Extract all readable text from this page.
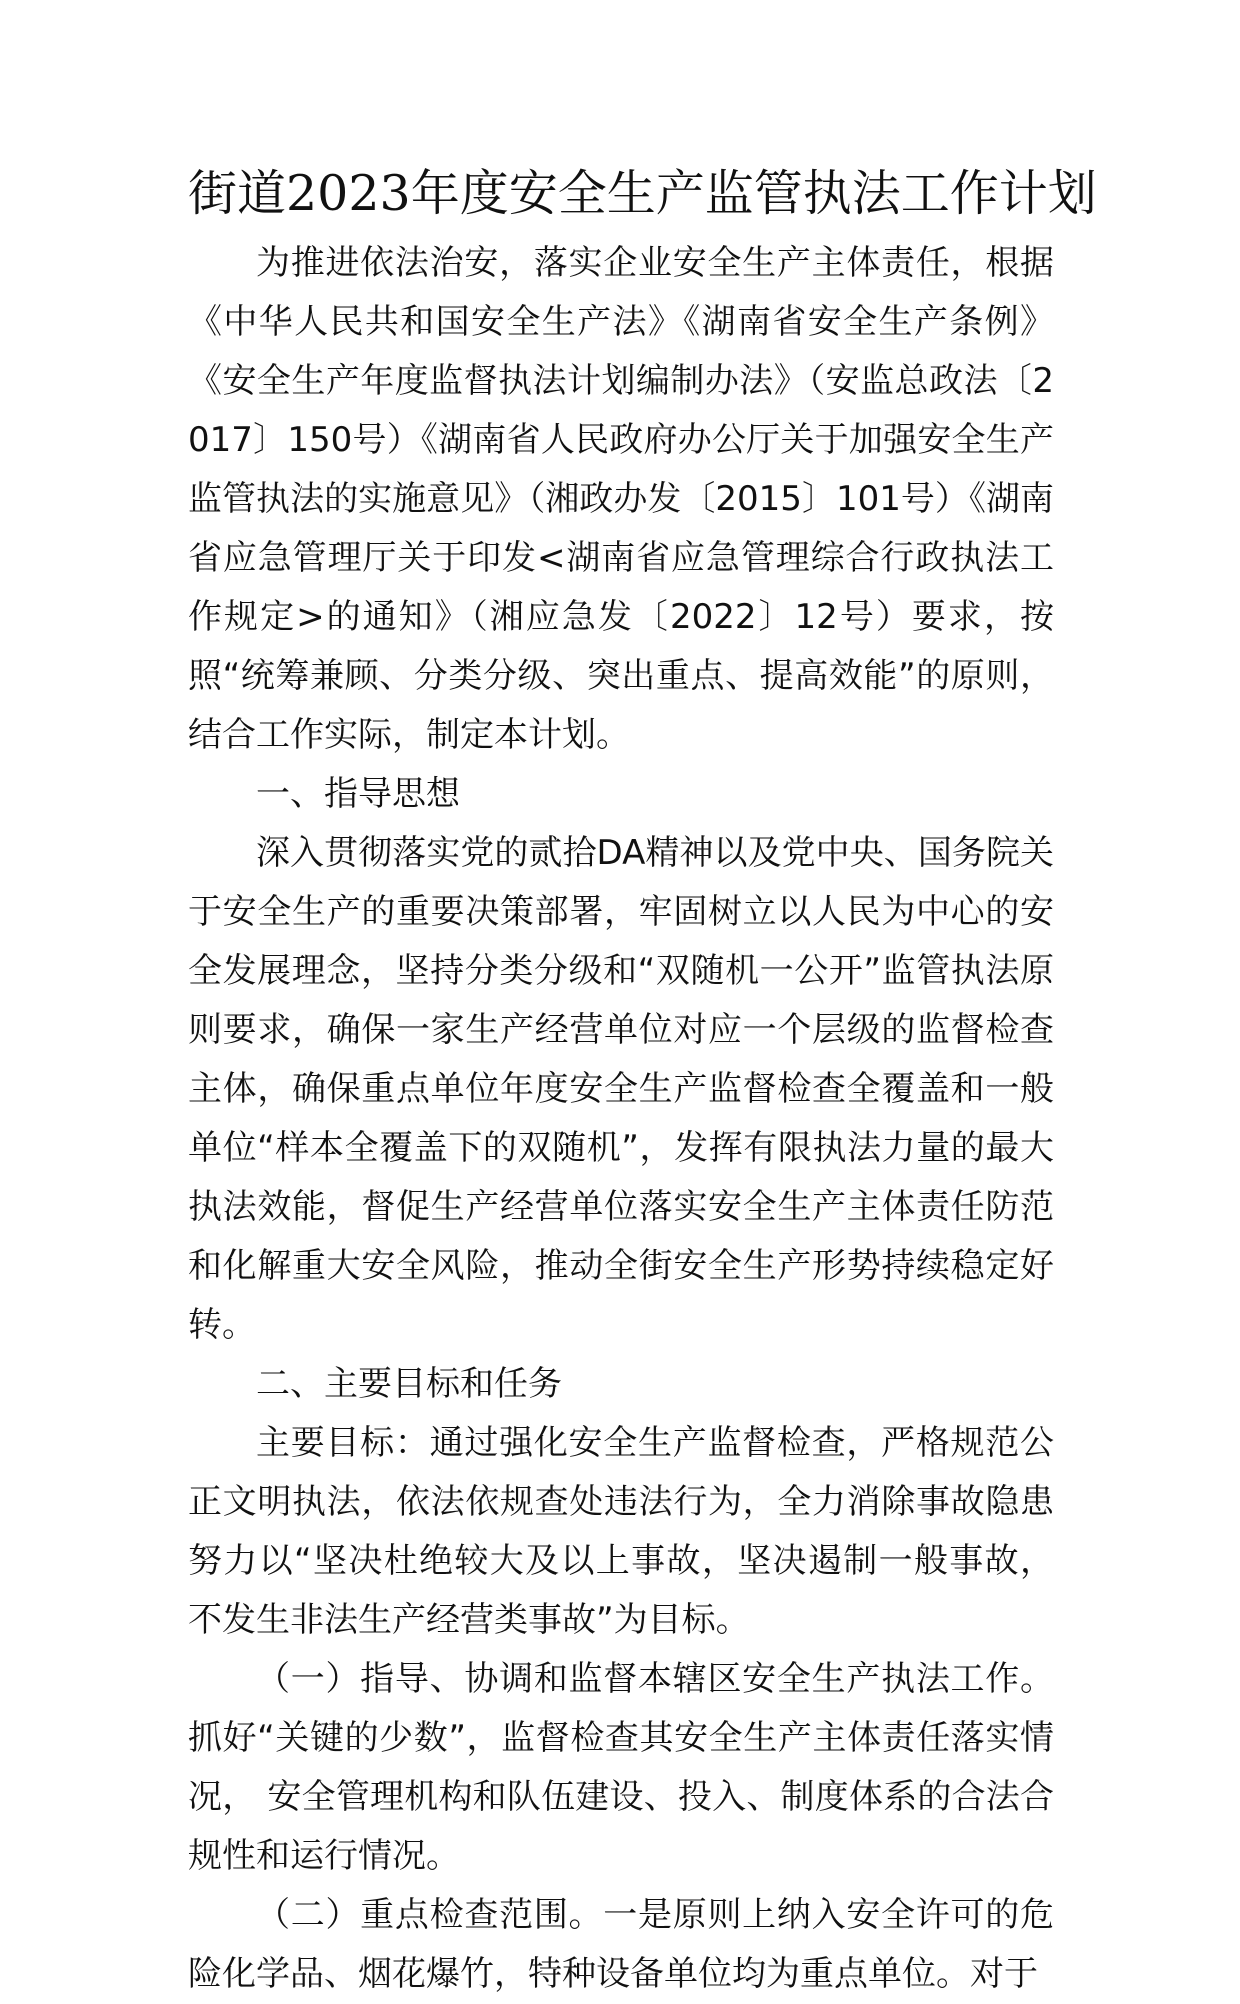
街道2023年度安全生产监管执法工作计划

为推进依法治安，落实企业安全生产主体责任，根据《中华人民共和国安全生产法》《湖南省安全生产条例》《安全生产年度监督执法计划编制办法》（安监总政法〔2017〕150号）《湖南省人民政府办公厅关于加强安全生产监管执法的实施意见》（湘政办发〔2015〕101号）《湖南省应急管理厅关于印发<湖南省应急管理综合行政执法工作规定>的通知》（湘应急发〔2022〕12号）要求，按照“统筹兼顾、分类分级、突出重点、提高效能”的原则，结合工作实际，制定本计划。

一、指导思想

深入贯彻落实党的贰拾DA精神以及党中央、国务院关于安全生产的重要决策部署，牢固树立以人民为中心的安全发展理念，坚持分类分级和“双随机一公开”监管执法原则要求，确保一家生产经营单位对应一个层级的监督检查主体，确保重点单位年度安全生产监督检查全覆盖和一般单位“样本全覆盖下的双随机”，发挥有限执法力量的最大执法效能，督促生产经营单位落实安全生产主体责任防范和化解重大安全风险，推动全街安全生产形势持续稳定好转。

二、主要目标和任务

主要目标：通过强化安全生产监督检查，严格规范公正文明执法，依法依规查处违法行为，全力消除事故隐患努力以“坚决杜绝较大及以上事故，坚决遏制一般事故，不发生非法生产经营类事故”为目标。

（一）指导、协调和监督本辖区安全生产执法工作。抓好“关键的少数”，监督检查其安全生产主体责任落实情况， 安全管理机构和队伍建设、投入、制度体系的合法合规性和运行情况。

（二）重点检查范围。一是原则上纳入安全许可的危险化学品、烟花爆竹，特种设备单位均为重点单位。对于
